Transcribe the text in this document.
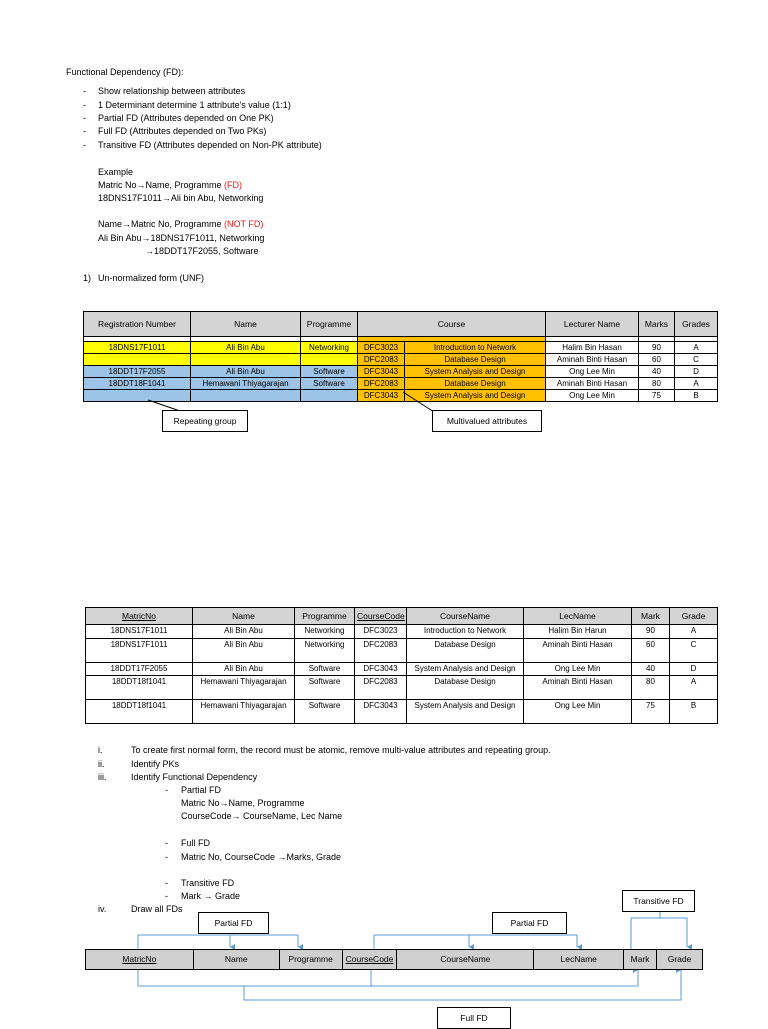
Functional Dependency (FD):
- Show relationship between attributes
- 1 Determinant determine 1 attribute's value (1:1)
- Partial FD (Attributes depended on One PK)
- Full FD (Attributes depended on Two PKs)
- Transitive FD (Attributes depended on Non-PK attribute)
Example
Matric No→Name, Programme (FD)
18DNS17F1011→Ali bin Abu, Networking
Name→Matric No, Programme (NOT FD)
Ali Bin Abu→18DNS17F1011, Networking
→18DDT17F2055, Software
1) Un-normalized form (UNF)
Registration Number	Name	Programme	Course		Lecturer Name	Marks	Grades

18DNS17F1011	Ali Bin Abu	Networking	DFC3023	Introduction to Network	Halim Bin Hasan	90	A
			DFC2083	Database Design	Aminah Binti Hasan	60	C
18DDT17F2055	Ali Bin Abu	Software	DFC3043	System Analysis and Design	Ong Lee Min	40	D
18DDT18F1041	Hemawani Thiyagarajan	Software	DFC2083	Database Design	Aminah Binti Hasan	80	A
			DFC3043	System Analysis and Design	Ong Lee Min	75	B
Repeating group	Multivalued attributes
MatricNo	Name	Programme	CourseCode	CourseName	LecName	Mark	Grade
18DNS17F1011	Ali Bin Abu	Networking	DFC3023	Introduction to Network	Halim Bin Harun	90	A
18DNS17F1011	Ali Bin Abu	Networking	DFC2083	Database Design	Aminah Binti Hasan	60	C
18DDT17F2055	Ali Bin Abu	Software	DFC3043	System Analysis and Design	Ong Lee Min	40	D
18DDT18f1041	Hemawani Thiyagarajan	Software	DFC2083	Database Design	Aminah Binti Hasan	80	A
18DDT18f1041	Hemawani Thiyagarajan	Software	DFC3043	System Analysis and Design	Ong Lee Min	75	B
i.	To create first normal form, the record must be atomic, remove multi-value attributes and repeating group.
ii.	Identify PKs
iii.	Identify Functional Dependency
- Partial FD
Matric No→Name, Programme
CourseCode→ CourseName, Lec Name
- Full FD
- Matric No, CourseCode →Marks, Grade
- Transitive FD
- Mark → Grade
iv.	Draw all FDs
Partial FD	Partial FD
Transitive FD
Full FD
MatricNo	Name	Programme	CourseCode	CourseName	LecName	Mark	Grade
